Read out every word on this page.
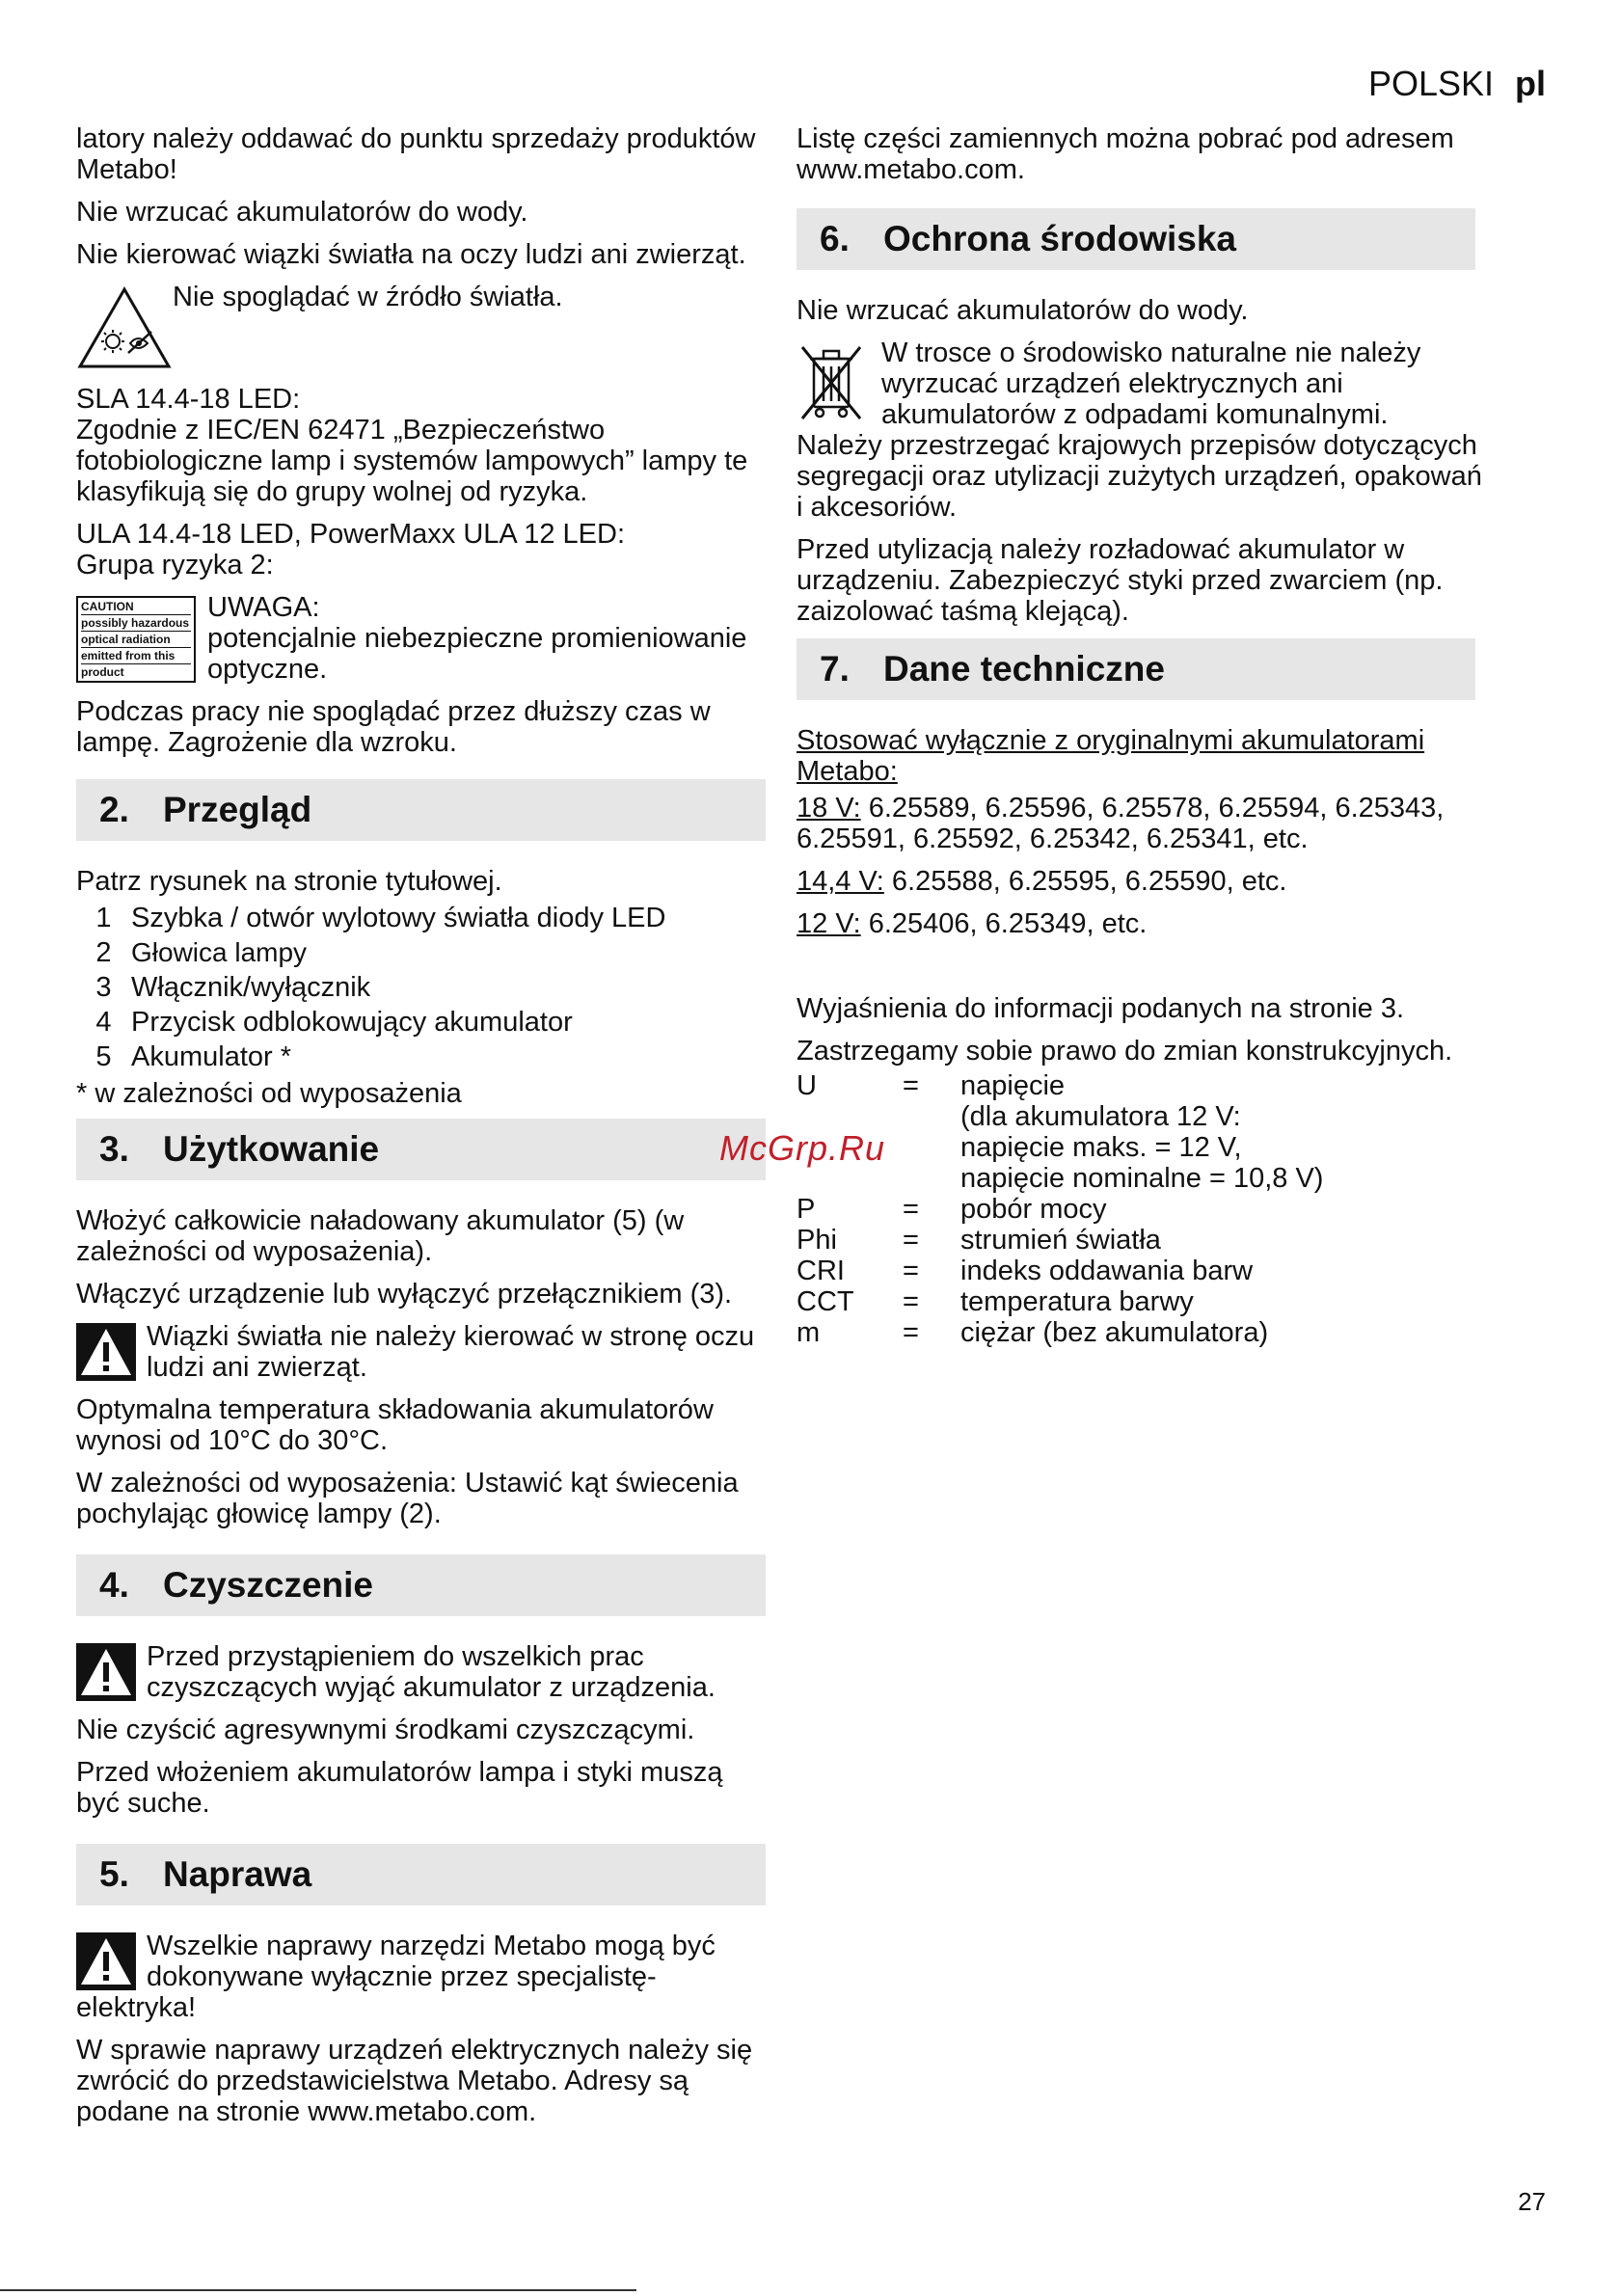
POLSKI pl

latory należy oddawać do punktu sprzedaży produktów Metabo!

Nie wrzucać akumulatorów do wody.

Nie kierować wiązki światła na oczy ludzi ani zwierząt.

Nie spoglądać w źródło światła.
SLA 14.4-18 LED:
Zgodnie z IEC/EN 62471 „Bezpieczeństwo fotobiologiczne lamp i systemów lampowych” lampy te klasyfikują się do grupy wolnej od ryzyka.
ULA 14.4-18 LED, PowerMaxx ULA 12 LED:
Grupa ryzyka 2:
CAUTION
possibly hazardous
optical radiation
emitted from this
product
UWAGA:
potencjalnie niebezpieczne promieniowanie optyczne.

Podczas pracy nie spoglądać przez dłuższy czas w lampę. Zagrożenie dla wzroku.

2. Przegląd

Patrz rysunek na stronie tytułowej.

1 Szybka / otwór wylotowy światła diody LED
2 Głowica lampy
3 Włącznik/wyłącznik
4 Przycisk odblokowujący akumulator
5 Akumulator *
* w zależności od wyposażenia
3. Użytkowanie

Włożyć całkowicie naładowany akumulator (5) (w zależności od wyposażenia).

Włączyć urządzenie lub wyłączyć przełącznikiem (3).

Wiązki światła nie należy kierować w stronę oczu ludzi ani zwierząt.

Optymalna temperatura składowania akumulatorów wynosi od 10°C do 30°C.

W zależności od wyposażenia: Ustawić kąt świecenia pochylając głowicę lampy (2).

4. Czyszczenie
Przed przystąpieniem do wszelkich prac czyszczących wyjąć akumulator z urządzenia.

Nie czyścić agresywnymi środkami czyszczącymi.

Przed włożeniem akumulatorów lampa i styki muszą być suche.

5. Naprawa
Wszelkie naprawy narzędzi Metabo mogą być dokonywane wyłącznie przez specjalistę-elektryka!

W sprawie naprawy urządzeń elektrycznych należy się zwrócić do przedstawicielstwa Metabo. Adresy są podane na stronie www.metabo.com.

Listę części zamiennych można pobrać pod adresem www.metabo.com.

6. Ochrona środowiska

Nie wrzucać akumulatorów do wody.

W trosce o środowisko naturalne nie należy wyrzucać urządzeń elektrycznych ani akumulatorów z odpadami komunalnymi.

Należy przestrzegać krajowych przepisów dotyczących segregacji oraz utylizacji zużytych urządzeń, opakowań i akcesoriów.

Przed utylizacją należy rozładować akumulator w urządzeniu. Zabezpieczyć styki przed zwarciem (np. zaizolować taśmą klejącą).

7. Dane techniczne

Stosować wyłącznie z oryginalnymi akumulatorami Metabo:

18 V: 6.25589, 6.25596, 6.25578, 6.25594, 6.25343, 6.25591, 6.25592, 6.25342, 6.25341, etc.

14,4 V: 6.25588, 6.25595, 6.25590, etc.

12 V: 6.25406, 6.25349, etc.

Wyjaśnienia do informacji podanych na stronie 3.

Zastrzegamy sobie prawo do zmian konstrukcyjnych.

U	=	napięcie
(dla akumulatora 12 V:
napięcie maks. = 12 V,
napięcie nominalne = 10,8 V)
P	=	pobór mocy
Phi	=	strumień światła
CRI	=	indeks oddawania barw
CCT	=	temperatura barwy
m	=	ciężar (bez akumulatora)
McGrp.Ru
27
